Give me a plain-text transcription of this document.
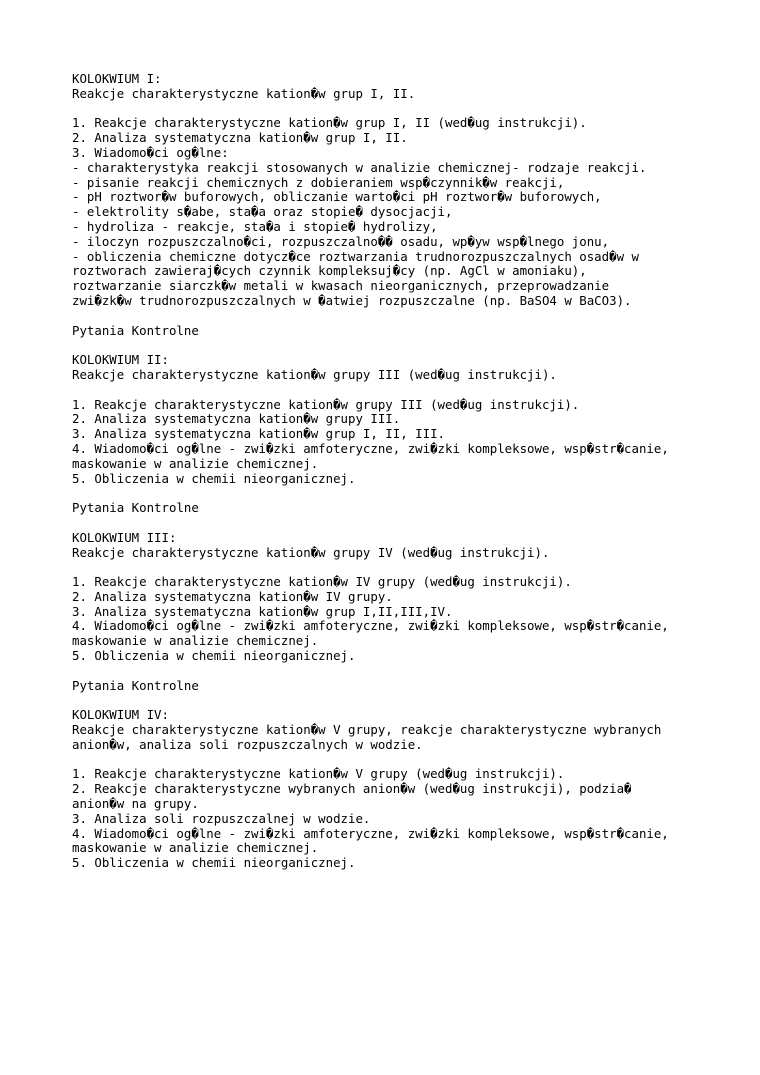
KOLOKWIUM I:
Reakcje charakterystyczne kation�w grup I, II.
1. Reakcje charakterystyczne kation�w grup I, II (wed�ug instrukcji).
2. Analiza systematyczna kation�w grup I, II.
3. Wiadomo�ci og�lne:
- charakterystyka reakcji stosowanych w analizie chemicznej- rodzaje reakcji.
- pisanie reakcji chemicznych z dobieraniem wsp�czynnik�w reakcji,
- pH roztwor�w buforowych, obliczanie warto�ci pH roztwor�w buforowych,
- elektrolity s�abe, sta�a oraz stopie� dysocjacji,
- hydroliza - reakcje, sta�a i stopie� hydrolizy,
- iloczyn rozpuszczalno�ci, rozpuszczalno�� osadu, wp�yw wsp�lnego jonu,
- obliczenia chemiczne dotycz�ce roztwarzania trudnorozpuszczalnych osad�w w
roztworach zawieraj�cych czynnik kompleksuj�cy (np. AgCl w amoniaku),
roztwarzanie siarczk�w metali w kwasach nieorganicznych, przeprowadzanie
zwi�zk�w trudnorozpuszczalnych w �atwiej rozpuszczalne (np. BaSO4 w BaCO3).
Pytania Kontrolne
KOLOKWIUM II:
Reakcje charakterystyczne kation�w grupy III (wed�ug instrukcji).
1. Reakcje charakterystyczne kation�w grupy III (wed�ug instrukcji).
2. Analiza systematyczna kation�w grupy III.
3. Analiza systematyczna kation�w grup I, II, III.
4. Wiadomo�ci og�lne - zwi�zki amfoteryczne, zwi�zki kompleksowe, wsp�str�canie,
maskowanie w analizie chemicznej.
5. Obliczenia w chemii nieorganicznej.
Pytania Kontrolne
KOLOKWIUM III:
Reakcje charakterystyczne kation�w grupy IV (wed�ug instrukcji).
1. Reakcje charakterystyczne kation�w IV grupy (wed�ug instrukcji).
2. Analiza systematyczna kation�w IV grupy.
3. Analiza systematyczna kation�w grup I,II,III,IV.
4. Wiadomo�ci og�lne - zwi�zki amfoteryczne, zwi�zki kompleksowe, wsp�str�canie,
maskowanie w analizie chemicznej.
5. Obliczenia w chemii nieorganicznej.
Pytania Kontrolne
KOLOKWIUM IV:
Reakcje charakterystyczne kation�w V grupy, reakcje charakterystyczne wybranych
anion�w, analiza soli rozpuszczalnych w wodzie.
1. Reakcje charakterystyczne kation�w V grupy (wed�ug instrukcji).
2. Reakcje charakterystyczne wybranych anion�w (wed�ug instrukcji), podzia�
anion�w na grupy.
3. Analiza soli rozpuszczalnej w wodzie.
4. Wiadomo�ci og�lne - zwi�zki amfoteryczne, zwi�zki kompleksowe, wsp�str�canie,
maskowanie w analizie chemicznej.
5. Obliczenia w chemii nieorganicznej.
